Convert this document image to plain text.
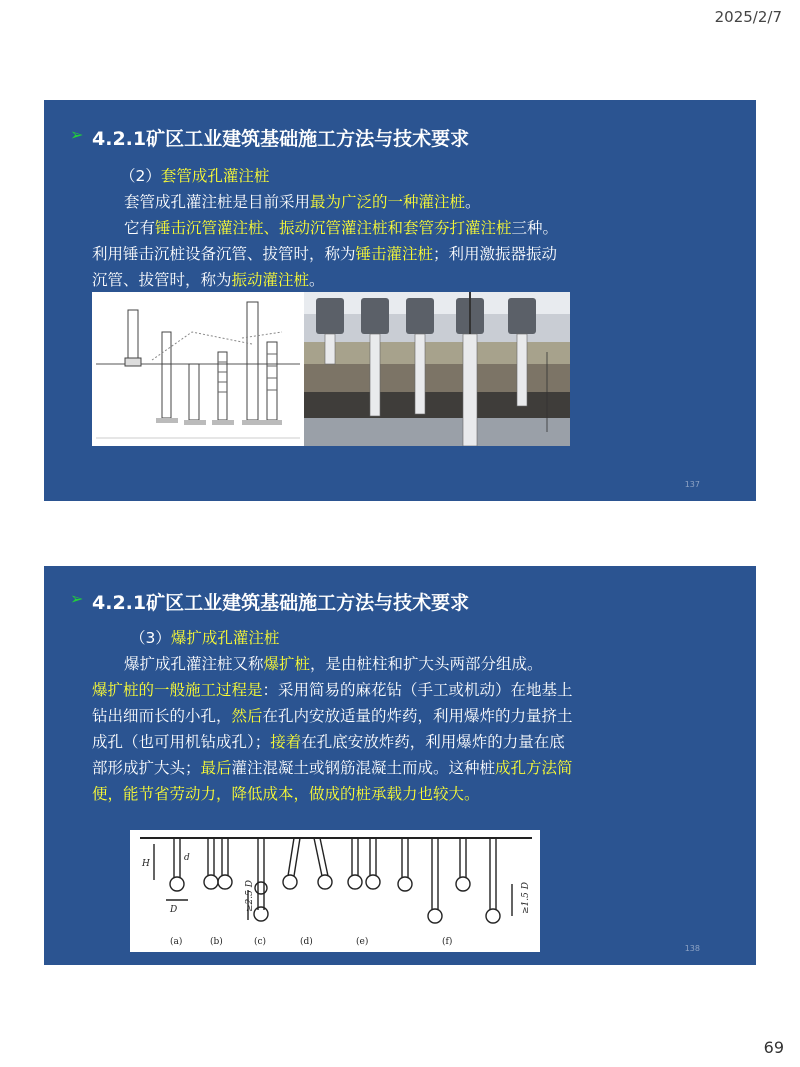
2025/2/7
➢ 4.2.1矿区工业建筑基础施工方法与技术要求

（2）套管成孔灌注桩

套管成孔灌注桩是目前采用最为广泛的一种灌注桩。

它有锤击沉管灌注桩、振动沉管灌注桩和套管夯打灌注桩三种。利用锤击沉桩设备沉管、拔管时，称为锤击灌注桩；利用激振器振动沉管、拔管时，称为振动灌注桩。

137
➢ 4.2.1矿区工业建筑基础施工方法与技术要求

（3）爆扩成孔灌注桩

爆扩成孔灌注桩又称爆扩桩，是由桩柱和扩大头两部分组成。

爆扩桩的一般施工过程是：采用简易的麻花钻（手工或机动）在地基上钻出细而长的小孔，然后在孔内安放适量的炸药，利用爆炸的力量挤土成孔（也可用机钻成孔）；接着在孔底安放炸药，利用爆炸的力量在底部形成扩大头；最后灌注混凝土或钢筋混凝土而成。这种桩成孔方法简便，能节省劳动力，降低成本，做成的桩承载力也较大。

H
d
D	≥2.5 D	≥1.5 D
(a)	(b)	(c)	(d)	(e)	(f)
138
69
